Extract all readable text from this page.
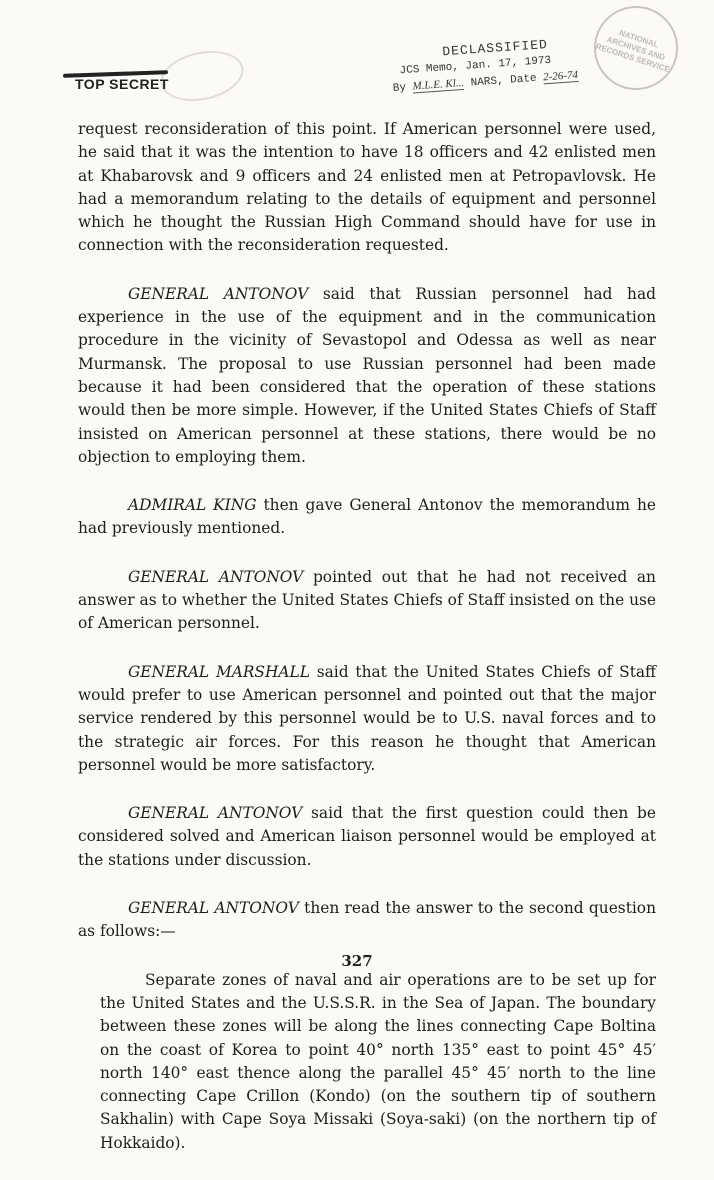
NATIONAL ARCHIVES AND RECORDS SERVICE
TOP SECRET
DECLASSIFIED
JCS Memo, Jan. 17, 1973
By M.L.E. Kl... NARS, Date 2-26-74

request reconsideration of this point. If American personnel were used, he said that it was the intention to have 18 officers and 42 enlisted men at Khabarovsk and 9 officers and 24 enlisted men at Petropavlovsk. He had a memorandum relating to the details of equipment and personnel which he thought the Russian High Command should have for use in connection with the reconsideration requested.

GENERAL ANTONOV said that Russian personnel had had experience in the use of the equipment and in the communication procedure in the vicinity of Sevastopol and Odessa as well as near Murmansk. The proposal to use Russian personnel had been made because it had been considered that the operation of these stations would then be more simple. However, if the United States Chiefs of Staff insisted on American personnel at these stations, there would be no objection to employing them.

ADMIRAL KING then gave General Antonov the memorandum he had previously mentioned.

GENERAL ANTONOV pointed out that he had not received an answer as to whether the United States Chiefs of Staff insisted on the use of American personnel.

GENERAL MARSHALL said that the United States Chiefs of Staff would prefer to use American personnel and pointed out that the major service rendered by this personnel would be to U.S. naval forces and to the strategic air forces. For this reason he thought that American personnel would be more satisfactory.

GENERAL ANTONOV said that the first question could then be considered solved and American liaison personnel would be employed at the stations under discussion.

GENERAL ANTONOV then read the answer to the second question as follows:—

Separate zones of naval and air operations are to be set up for the United States and the U.S.S.R. in the Sea of Japan. The boundary between these zones will be along the lines connecting Cape Boltina on the coast of Korea to point 40° north 135° east to point 45° 45′ north 140° east thence along the parallel 45° 45′ north to the line connecting Cape Crillon (Kondo) (on the southern tip of southern Sakhalin) with Cape Soya Missaki (Soya-saki) (on the northern tip of Hokkaido).

327
